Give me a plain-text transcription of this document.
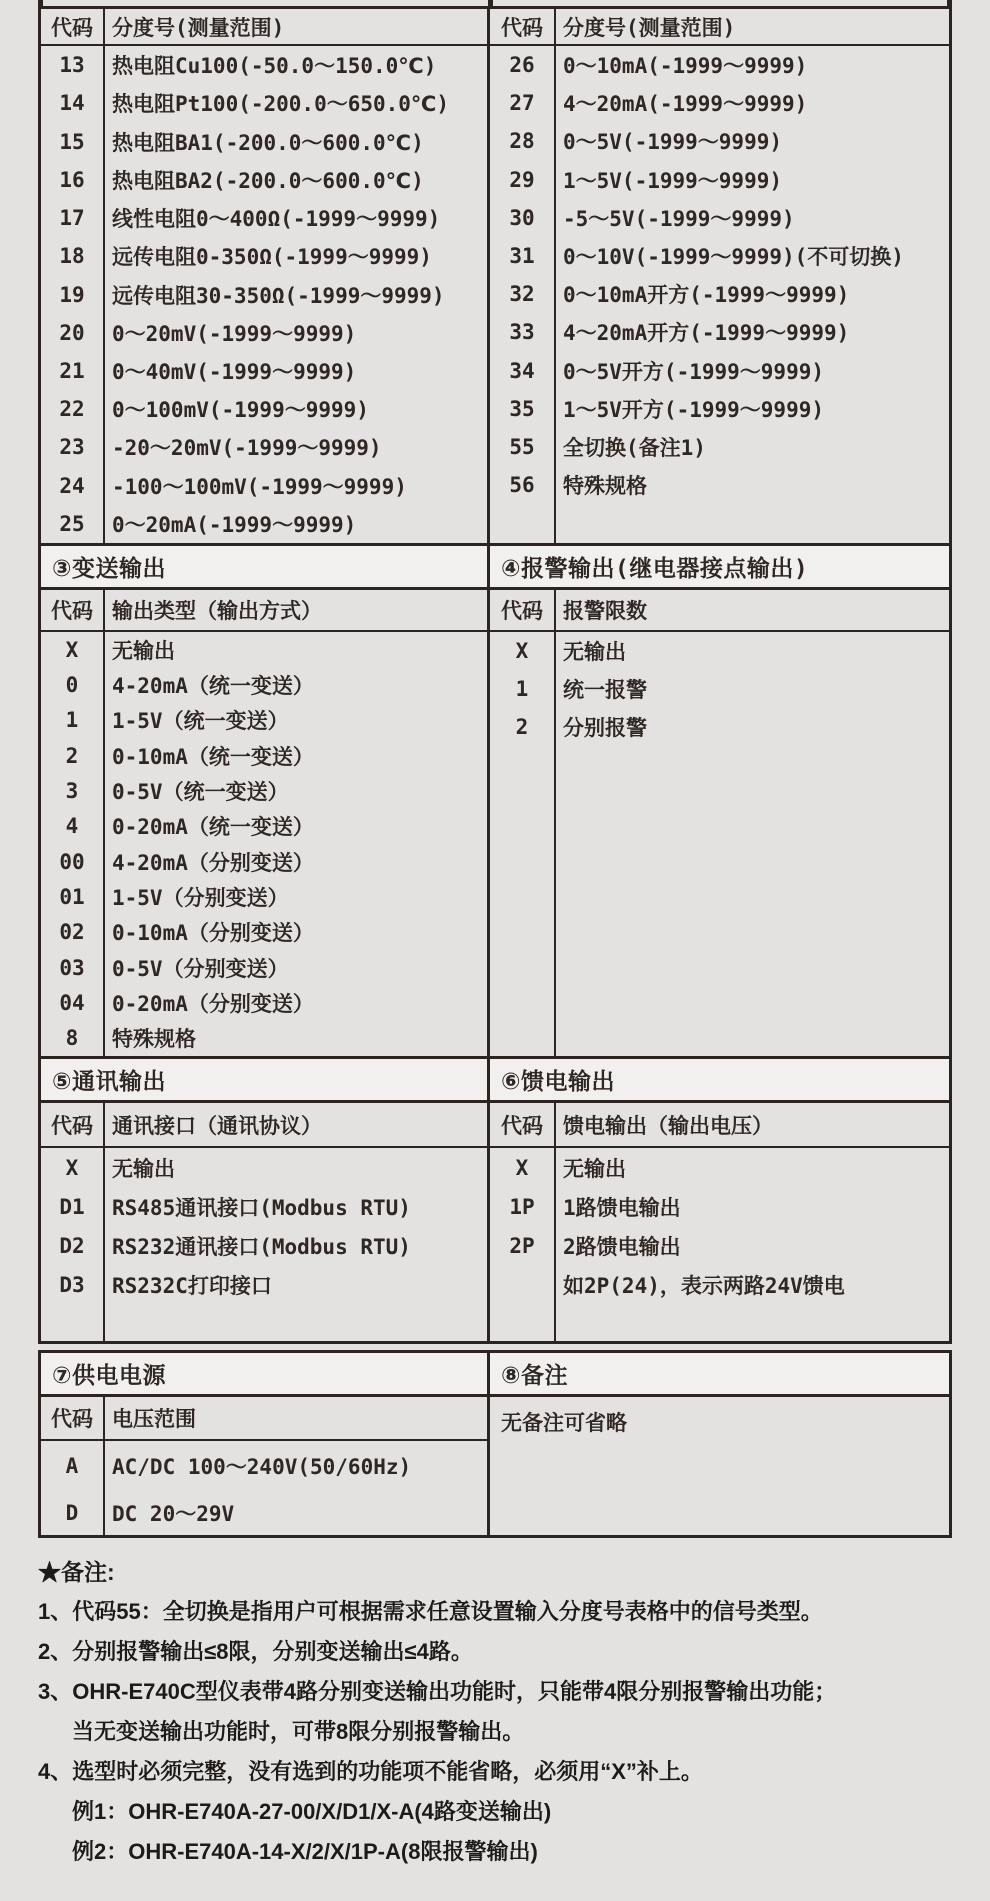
代码 分度号(测量范围)
13	热电阻Cu100(-50.0～150.0℃)
14	热电阻Pt100(-200.0～650.0℃)
15	热电阻BA1(-200.0～600.0℃)
16	热电阻BA2(-200.0～600.0℃)
17	线性电阻0～400Ω(-1999～9999)
18	远传电阻0-350Ω(-1999～9999)
19	远传电阻30-350Ω(-1999～9999)
20	0～20mV(-1999～9999)
21	0～40mV(-1999～9999)
22	0～100mV(-1999～9999)
23	-20～20mV(-1999～9999)
24	-100～100mV(-1999～9999)
25	0～20mA(-1999～9999)
代码 分度号(测量范围)
26	0～10mA(-1999～9999)
27	4～20mA(-1999～9999)
28	0～5V(-1999～9999)
29	1～5V(-1999～9999)
30	-5～5V(-1999～9999)
31	0～10V(-1999～9999)(不可切换)
32	0～10mA开方(-1999～9999)
33	4～20mA开方(-1999～9999)
34	0～5V开方(-1999～9999)
35	1～5V开方(-1999～9999)
55	全切换(备注1)
56	特殊规格
③变送输出	④报警输出(继电器接点输出)
代码 输出类型（输出方式）
X	无输出
0	4-20mA（统一变送）
1	1-5V（统一变送）
2	0-10mA（统一变送）
3	0-5V（统一变送）
4	0-20mA（统一变送）
00	4-20mA（分别变送）
01	1-5V（分别变送）
02	0-10mA（分别变送）
03	0-5V（分别变送）
04	0-20mA（分别变送）
8	特殊规格
代码 报警限数
X	无输出
1	统一报警
2	分别报警
⑤通讯输出	⑥馈电输出
代码 通讯接口（通讯协议）
X	无输出
D1	RS485通讯接口(Modbus RTU)
D2	RS232通讯接口(Modbus RTU)
D3	RS232C打印接口
代码 馈电输出（输出电压）
X	无输出
1P	1路馈电输出
2P	2路馈电输出
如2P(24)，表示两路24V馈电
⑦供电电源	⑧备注
代码 电压范围
A	AC/DC 100～240V(50/60Hz)
D	DC 20～29V
无备注可省略
★备注:
1、代码55：全切换是指用户可根据需求任意设置输入分度号表格中的信号类型。
2、分别报警输出≤8限，分别变送输出≤4路。
3、OHR-E740C型仪表带4路分别变送输出功能时，只能带4限分别报警输出功能；
当无变送输出功能时，可带8限分别报警输出。
4、选型时必须完整，没有选到的功能项不能省略，必须用“X”补上。
例1：OHR-E740A-27-00/X/D1/X-A(4路变送输出)
例2：OHR-E740A-14-X/2/X/1P-A(8限报警输出)
